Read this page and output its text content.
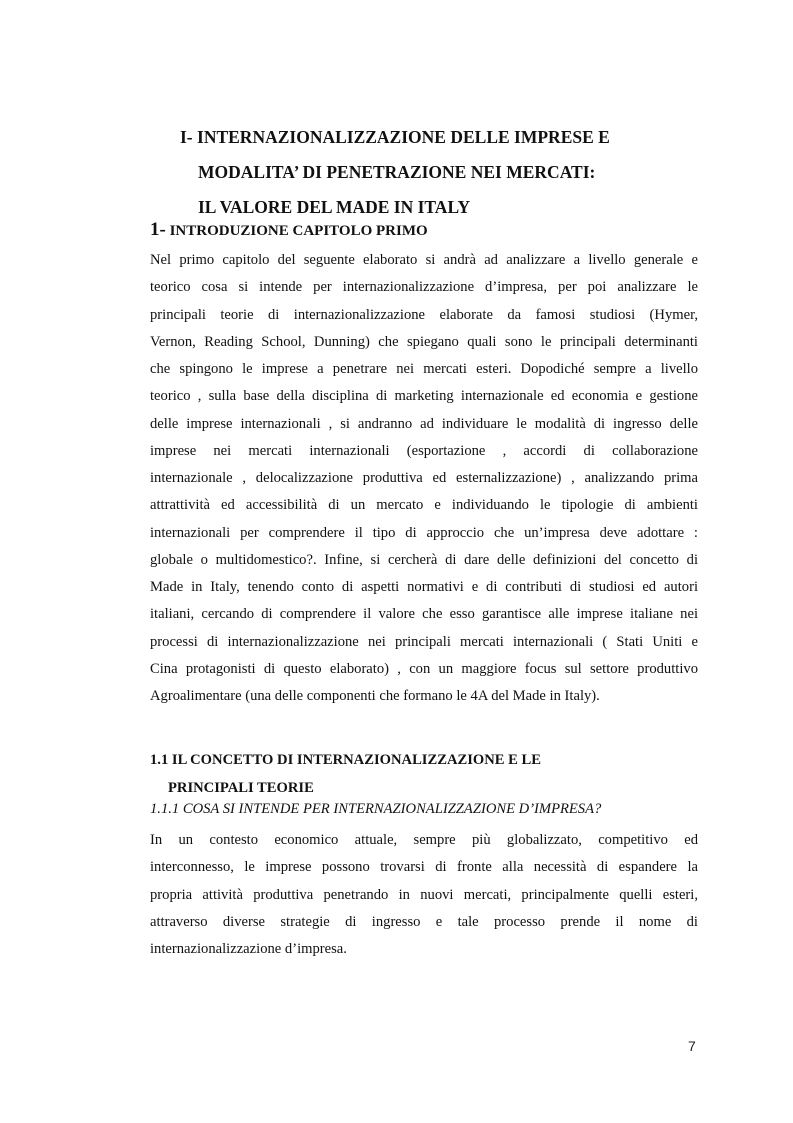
I- INTERNAZIONALIZZAZIONE DELLE IMPRESE E
MODALITA’ DI PENETRAZIONE NEI MERCATI:
IL VALORE DEL MADE IN ITALY
1- INTRODUZIONE CAPITOLO PRIMO
Nel primo capitolo del seguente elaborato si andrà ad analizzare a livello generale e
teorico cosa si intende per internazionalizzazione d’impresa, per poi analizzare le
principali teorie di internazionalizzazione elaborate da famosi studiosi (Hymer,
Vernon, Reading School, Dunning) che spiegano quali sono le principali determinanti
che spingono le imprese a penetrare nei mercati esteri. Dopodiché sempre a livello
teorico , sulla base della disciplina di marketing internazionale ed economia e gestione
delle imprese internazionali , si andranno ad individuare le modalità di ingresso delle
imprese nei mercati internazionali (esportazione , accordi di collaborazione
internazionale , delocalizzazione produttiva ed esternalizzazione) , analizzando prima
attrattività ed accessibilità di un mercato e individuando le tipologie di ambienti
internazionali per comprendere il tipo di approccio che un’impresa deve adottare :
globale o multidomestico?. Infine, si cercherà di dare delle definizioni del concetto di
Made in Italy, tenendo conto di aspetti normativi e di contributi di studiosi ed autori
italiani, cercando di comprendere il valore che esso garantisce alle imprese italiane nei
processi di internazionalizzazione nei principali mercati internazionali ( Stati Uniti e
Cina protagonisti di questo elaborato) , con un maggiore focus sul settore produttivo
Agroalimentare (una delle componenti che formano le 4A del Made in Italy).
1.1 IL CONCETTO DI INTERNAZIONALIZZAZIONE E LE
PRINCIPALI TEORIE
1.1.1 COSA SI INTENDE PER INTERNAZIONALIZZAZIONE D’IMPRESA?
In un contesto economico attuale, sempre più globalizzato, competitivo ed
interconnesso, le imprese possono trovarsi di fronte alla necessità di espandere la
propria attività produttiva penetrando in nuovi mercati, principalmente quelli esteri,
attraverso diverse strategie di ingresso e tale processo prende il nome di
internazionalizzazione d’impresa.
7
